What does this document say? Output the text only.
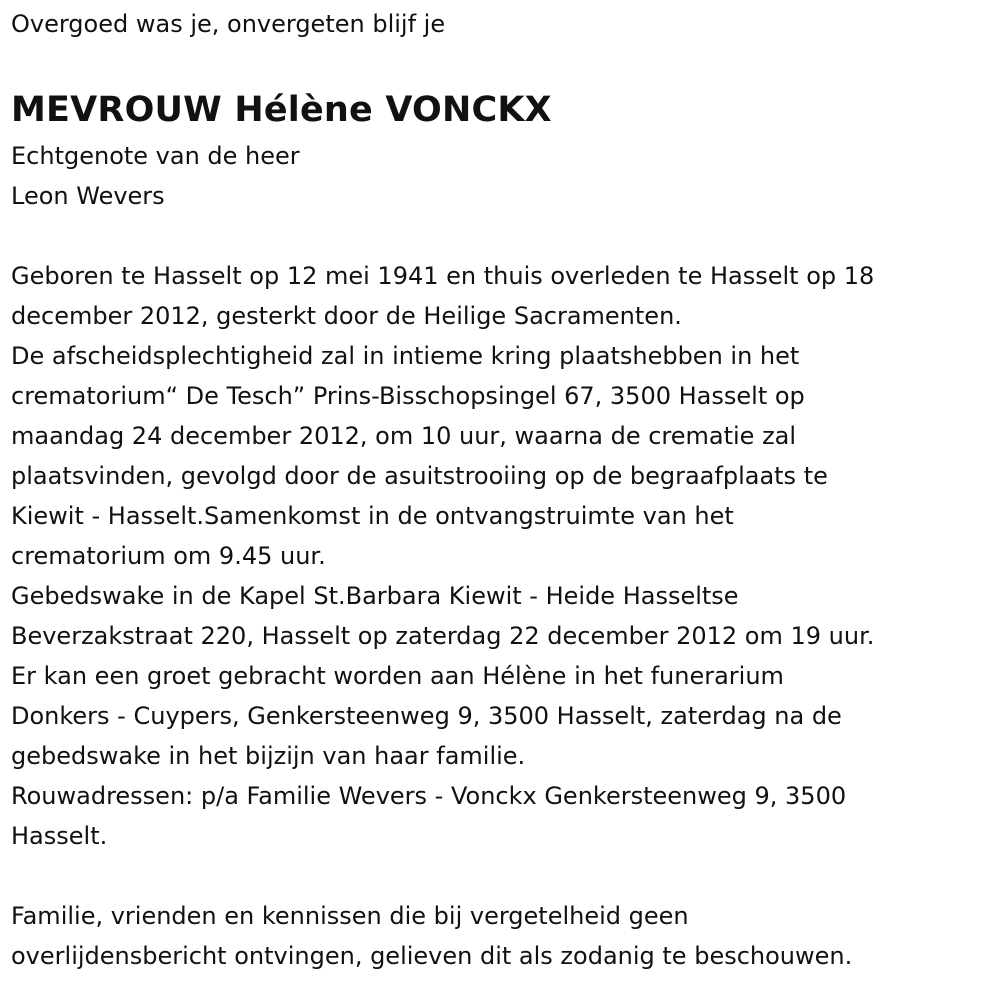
Overgoed was je, onvergeten blijf je
MEVROUW Hélène VONCKX
Echtgenote van de heer
Leon Wevers
Geboren te Hasselt op 12 mei 1941 en thuis overleden te Hasselt op 18
december 2012, gesterkt door de Heilige Sacramenten.
De afscheidsplechtigheid zal in intieme kring plaatshebben in het
crematorium“ De Tesch” Prins-Bisschopsingel 67, 3500 Hasselt op
maandag 24 december 2012, om 10 uur, waarna de crematie zal
plaatsvinden, gevolgd door de asuitstrooiing op de begraafplaats te
Kiewit - Hasselt.Samenkomst in de ontvangstruimte van het
crematorium om 9.45 uur.
Gebedswake in de Kapel St.Barbara Kiewit - Heide Hasseltse
Beverzakstraat 220, Hasselt op zaterdag 22 december 2012 om 19 uur.
Er kan een groet gebracht worden aan Hélène in het funerarium
Donkers - Cuypers, Genkersteenweg 9, 3500 Hasselt, zaterdag na de
gebedswake in het bijzijn van haar familie.
Rouwadressen: p/a Familie Wevers - Vonckx Genkersteenweg 9, 3500
Hasselt.
Familie, vrienden en kennissen die bij vergetelheid geen
overlijdensbericht ontvingen, gelieven dit als zodanig te beschouwen.
